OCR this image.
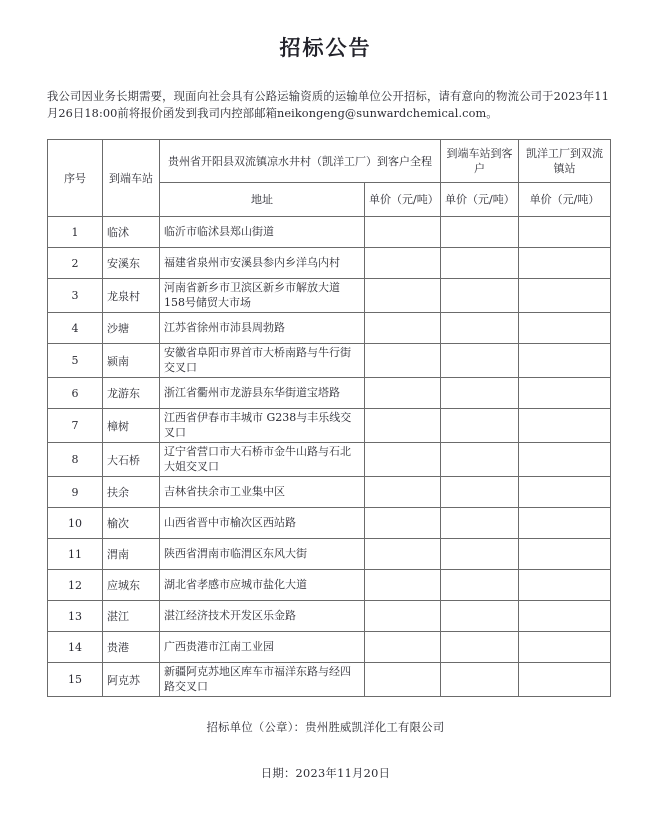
招标公告

我公司因业务长期需要，现面向社会具有公路运输资质的运输单位公开招标，请有意向的物流公司于2023年11月26日18:00前将报价函发到我司内控部邮箱neikongeng@sunwardchemical.com。

序号	到端车站	贵州省开阳县双流镇凉水井村（凯洋工厂）到客户全程		到端车站到客户	凯洋工厂到双流镇站
		地址	单价（元/吨）	单价（元/吨）	单价（元/吨）
1	临沭	临沂市临沭县郑山街道			
2	安溪东	福建省泉州市安溪县参内乡洋乌内村			
3	龙泉村	河南省新乡市卫滨区新乡市解放大道158号储贸大市场			
4	沙塘	江苏省徐州市沛县周勃路			
5	颍南	安徽省阜阳市界首市大桥南路与牛行街交叉口			
6	龙游东	浙江省衢州市龙游县东华街道宝塔路			
7	樟树	江西省伊春市丰城市 G238与丰乐线交叉口			
8	大石桥	辽宁省营口市大石桥市金牛山路与石北大姐交叉口			
9	扶余	吉林省扶余市工业集中区			
10	榆次	山西省晋中市榆次区西站路			
11	渭南	陕西省渭南市临渭区东风大街			
12	应城东	湖北省孝感市应城市盐化大道			
13	湛江	湛江经济技术开发区乐金路			
14	贵港	广西贵港市江南工业园			
15	阿克苏	新疆阿克苏地区库车市福洋东路与经四路交叉口			
招标单位（公章）：贵州胜威凯洋化工有限公司
日期：2023年11月20日
